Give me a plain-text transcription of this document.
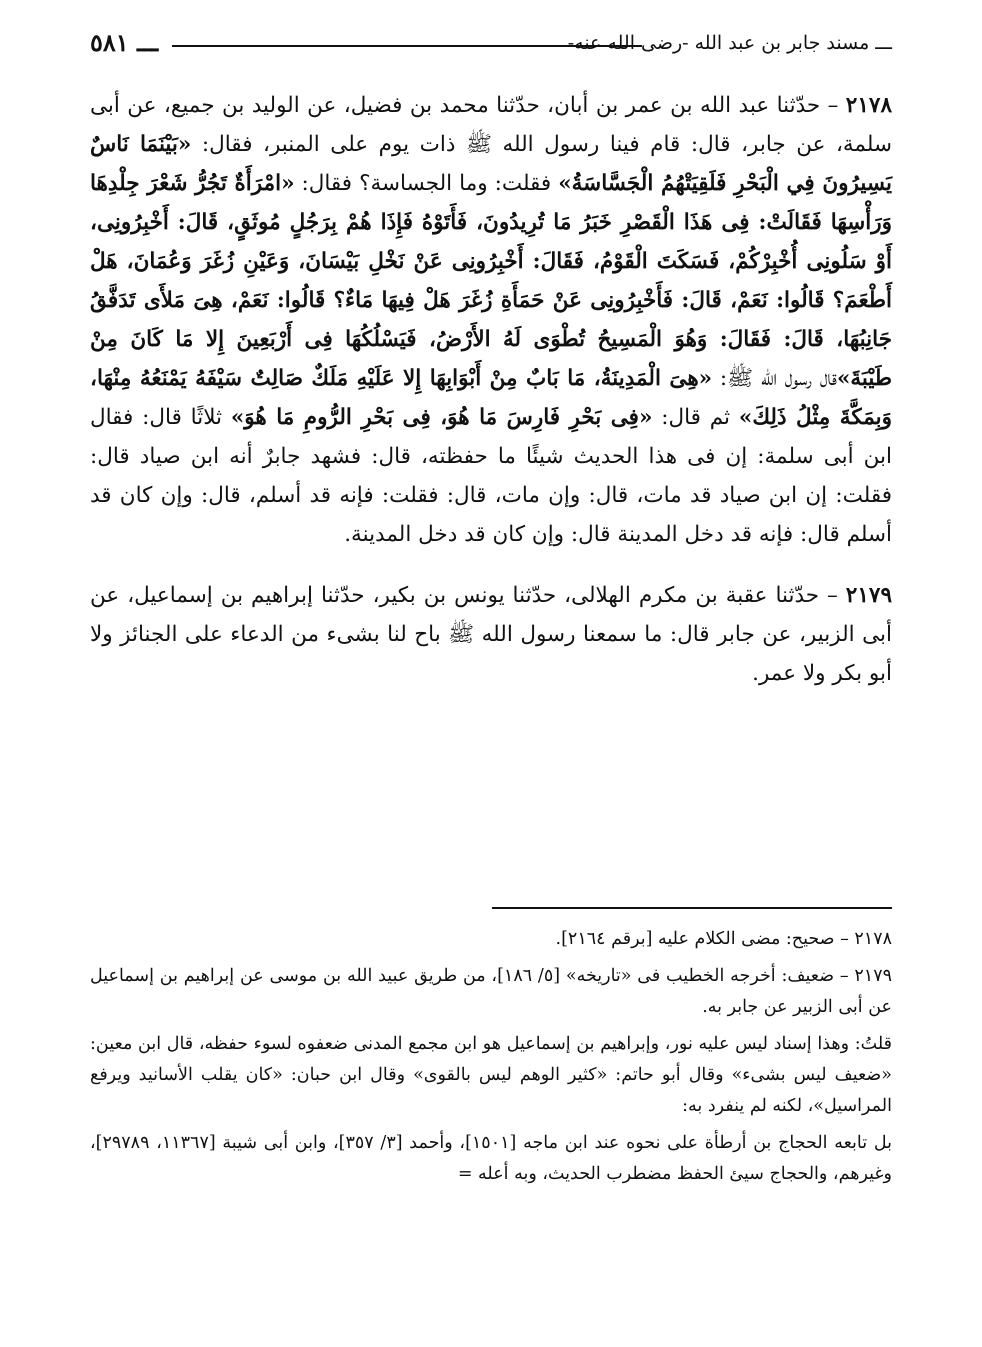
ـــ مسند جابر بن عبد الله -رضى الله عنه-
ـــ ٥٨١

٢١٧٨ – حدّثنا عبد الله بن عمر بن أبان، حدّثنا محمد بن فضيل، عن الوليد بن جميع، عن أبى سلمة، عن جابر، قال: قام فينا رسول الله ﷺ ذات يوم على المنبر، فقال: «بَيْنَمَا نَاسٌ يَسِيرُونَ فِي الْبَحْرِ فَلَقِيَتْهُمُ الْجَسَّاسَةُ» فقلت: وما الجساسة؟ فقال: «امْرَأَةٌ تَجُرُّ شَعْرَ جِلْدِهَا وَرَأْسِهَا فَقَالَتْ: فِى هَذَا الْقَصْرِ خَبَرُ مَا تُرِيدُونَ، فَأَتَوْهُ فَإِذَا هُمْ بِرَجُلٍ مُوثَقٍ، قَالَ: أَخْبِرُونِى، أَوْ سَلُونِى أُخْبِرْكُمْ، فَسَكَتَ الْقَوْمُ، فَقَالَ: أَخْبِرُونِى عَنْ نَخْلِ بَيْسَانَ، وَعَيْنِ زُغَرَ وَعُمَانَ، هَلْ أَطْعَمَ؟ قَالُوا: نَعَمْ، قَالَ: فَأَخْبِرُونِى عَنْ حَمَأَةِ زُغَرَ هَلْ فِيهَا مَاءٌ؟ قَالُوا: نَعَمْ، هِىَ مَلأَى تَدَفَّقُ جَانِبُهَا، قَالَ: فَقَالَ: وَهُوَ الْمَسِيحُ تُطْوَى لَهُ الأَرْضُ، فَيَسْلُكُهَا فِى أَرْبَعِينَ إِلا مَا كَانَ مِنْ طَيْبَةَ»قال رسول الله ﷺ: «هِىَ الْمَدِينَةُ، مَا بَابٌ مِنْ أَبْوَابِهَا إِلا عَلَيْهِ مَلَكٌ صَالِتٌ سَيْفَهُ يَمْنَعُهُ مِنْهَا، وَبِمَكَّةَ مِثْلُ ذَلِكَ» ثم قال: «فِى بَحْرِ فَارِسَ مَا هُوَ، فِى بَحْرِ الرُّومِ مَا هُوَ» ثلاثًا قال: فقال ابن أبى سلمة: إن فى هذا الحديث شيئًا ما حفظته، قال: فشهد جابرٌ أنه ابن صياد قال: فقلت: إن ابن صياد قد مات، قال: وإن مات، قال: فقلت: فإنه قد أسلم، قال: وإن كان قد أسلم قال: فإنه قد دخل المدينة قال: وإن كان قد دخل المدينة.

٢١٧٩ – حدّثنا عقبة بن مكرم الهلالى، حدّثنا يونس بن بكير، حدّثنا إبراهيم بن إسماعيل، عن أبى الزبير، عن جابر قال: ما سمعنا رسول الله ﷺ باح لنا بشىء من الدعاء على الجنائز ولا أبو بكر ولا عمر.

٢١٧٨ – صحيح: مضى الكلام عليه [برقم ٢١٦٤].

٢١٧٩ – ضعيف: أخرجه الخطيب فى «تاريخه» [٥/ ١٨٦]، من طريق عبيد الله بن موسى عن إبراهيم بن إسماعيل عن أبى الزبير عن جابر به.

قلتُ: وهذا إسناد ليس عليه نور، وإبراهيم بن إسماعيل هو ابن مجمع المدنى ضعفوه لسوء حفظه، قال ابن معين: «ضعيف ليس بشىء» وقال أبو حاتم: «كثير الوهم ليس بالقوى» وقال ابن حبان: «كان يقلب الأسانيد ويرفع المراسيل»، لكنه لم ينفرد به:

بل تابعه الحجاج بن أرطأة على نحوه عند ابن ماجه [١٥٠١]، وأحمد [٣/ ٣٥٧]، وابن أبى شيبة [١١٣٦٧، ٢٩٧٨٩]، وغيرهم، والحجاج سيئ الحفظ مضطرب الحديث، وبه أعله =
